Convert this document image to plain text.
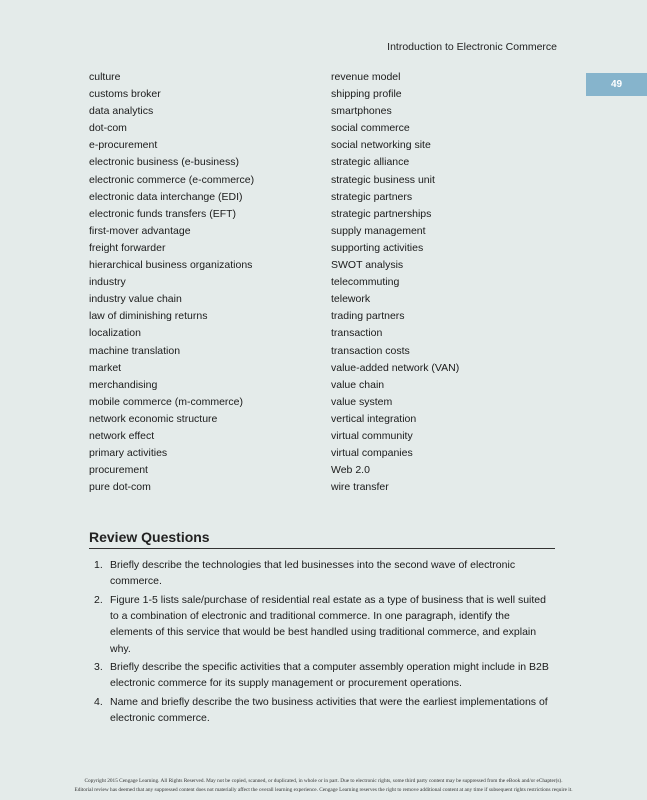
Introduction to Electronic Commerce
49
culture
customs broker
data analytics
dot-com
e-procurement
electronic business (e-business)
electronic commerce (e-commerce)
electronic data interchange (EDI)
electronic funds transfers (EFT)
first-mover advantage
freight forwarder
hierarchical business organizations
industry
industry value chain
law of diminishing returns
localization
machine translation
market
merchandising
mobile commerce (m-commerce)
network economic structure
network effect
primary activities
procurement
pure dot-com
revenue model
shipping profile
smartphones
social commerce
social networking site
strategic alliance
strategic business unit
strategic partners
strategic partnerships
supply management
supporting activities
SWOT analysis
telecommuting
telework
trading partners
transaction
transaction costs
value-added network (VAN)
value chain
value system
vertical integration
virtual community
virtual companies
Web 2.0
wire transfer
Review Questions
1. Briefly describe the technologies that led businesses into the second wave of electronic commerce.
2. Figure 1-5 lists sale/purchase of residential real estate as a type of business that is well suited to a combination of electronic and traditional commerce. In one paragraph, identify the elements of this service that would be best handled using traditional commerce, and explain why.
3. Briefly describe the specific activities that a computer assembly operation might include in B2B electronic commerce for its supply management or procurement operations.
4. Name and briefly describe the two business activities that were the earliest implementations of electronic commerce.
Copyright 2015 Cengage Learning. All Rights Reserved. May not be copied, scanned, or duplicated, in whole or in part. Due to electronic rights, some third party content may be suppressed from the eBook and/or eChapter(s).
Editorial review has deemed that any suppressed content does not materially affect the overall learning experience. Cengage Learning reserves the right to remove additional content at any time if subsequent rights restrictions require it.
